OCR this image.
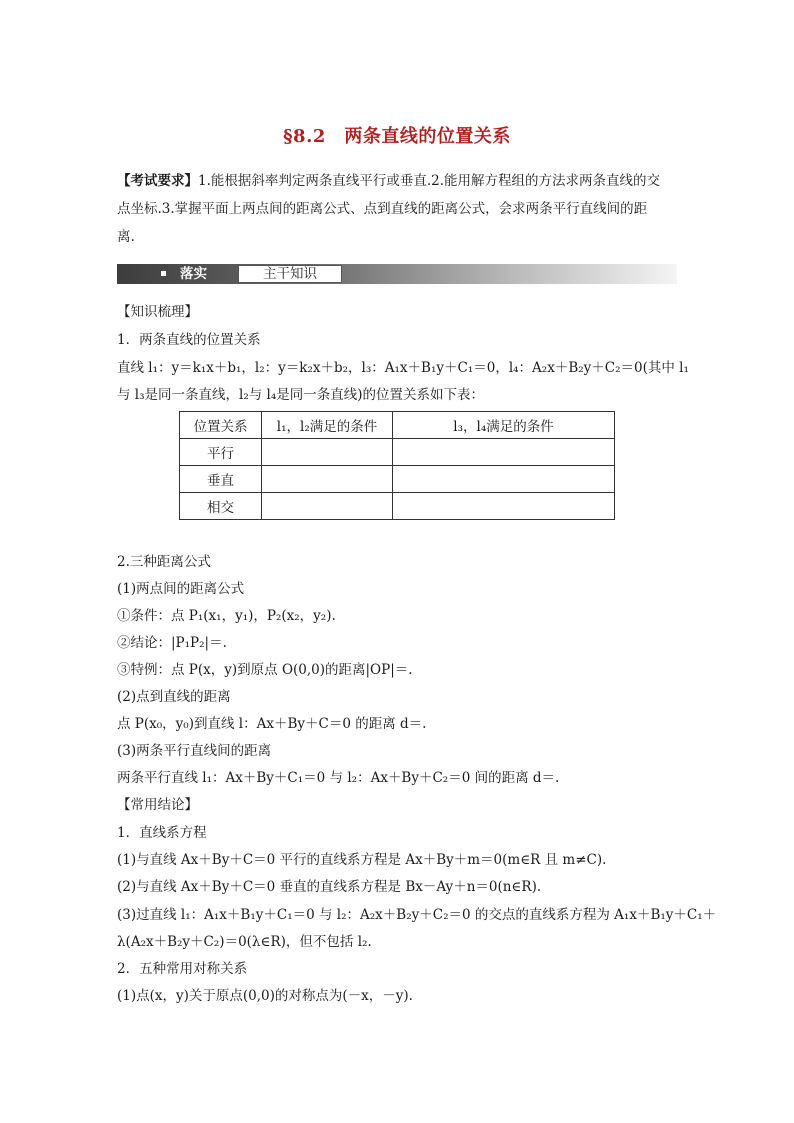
§8.2　两条直线的位置关系
【考试要求】1.能根据斜率判定两条直线平行或垂直.2.能用解方程组的方法求两条直线的交
点坐标.3.掌握平面上两点间的距离公式、点到直线的距离公式，会求两条平行直线间的距
离.
落实	主干知识
【知识梳理】
1．两条直线的位置关系
直线 l₁：y＝k₁x＋b₁，l₂：y＝k₂x＋b₂，l₃：A₁x＋B₁y＋C₁＝0，l₄：A₂x＋B₂y＋C₂＝0(其中 l₁
与 l₃是同一条直线，l₂与 l₄是同一条直线)的位置关系如下表：
位置关系	l₁，l₂满足的条件	l₃，l₄满足的条件
平行		
垂直		
相交		
2.三种距离公式
(1)两点间的距离公式
①条件：点 P₁(x₁，y₁)，P₂(x₂，y₂).
②结论：|P₁P₂|＝.
③特例：点 P(x，y)到原点 O(0,0)的距离|OP|＝.
(2)点到直线的距离
点 P(x₀，y₀)到直线 l：Ax＋By＋C＝0 的距离 d＝.
(3)两条平行直线间的距离
两条平行直线 l₁：Ax＋By＋C₁＝0 与 l₂：Ax＋By＋C₂＝0 间的距离 d＝.
【常用结论】
1．直线系方程
(1)与直线 Ax＋By＋C＝0 平行的直线系方程是 Ax＋By＋m＝0(m∈R 且 m≠C).
(2)与直线 Ax＋By＋C＝0 垂直的直线系方程是 Bx－Ay＋n＝0(n∈R).
(3)过直线 l₁：A₁x＋B₁y＋C₁＝0 与 l₂：A₂x＋B₂y＋C₂＝0 的交点的直线系方程为 A₁x＋B₁y＋C₁＋
λ(A₂x＋B₂y＋C₂)＝0(λ∈R)，但不包括 l₂.
2．五种常用对称关系
(1)点(x，y)关于原点(0,0)的对称点为(－x，－y).
